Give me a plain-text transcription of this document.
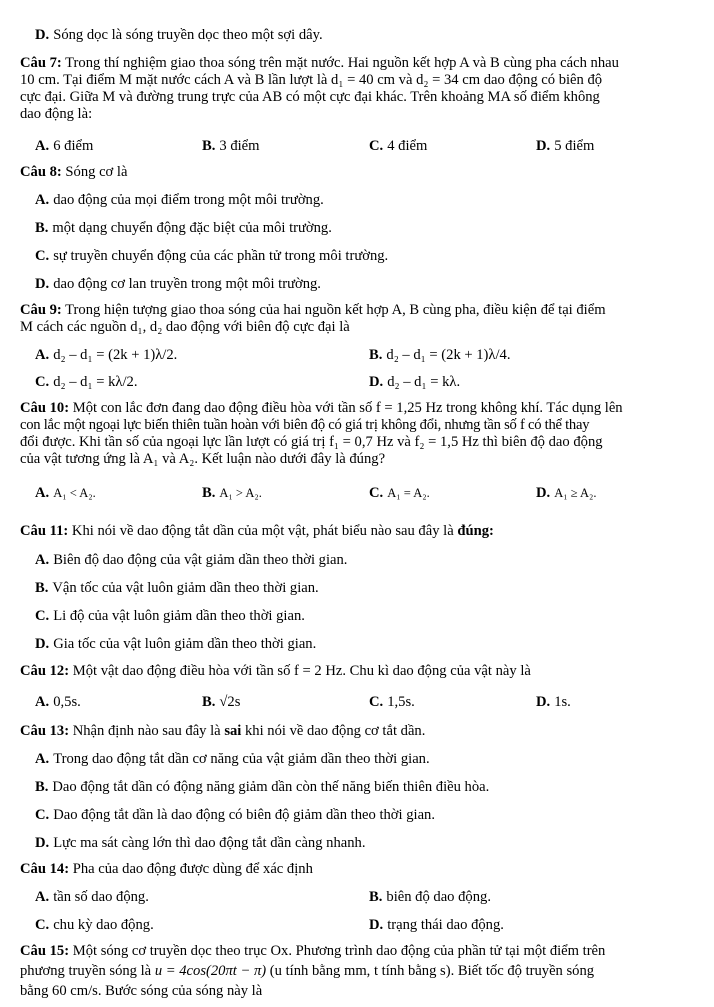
D. Sóng dọc là sóng truyền dọc theo một sợi dây.
Câu 7: Trong thí nghiệm giao thoa sóng trên mặt nước. Hai nguồn kết hợp A và B cùng pha cách nhau
10 cm. Tại điểm M mặt nước cách A và B lần lượt là d₁ = 40 cm và d₂ = 34 cm dao động có biên độ
cực đại. Giữa M và đường trung trực của AB có một cực đại khác. Trên khoảng MA số điểm không
dao động là:
A. 6 điểm	B. 3 điểm	C. 4 điểm	D. 5 điểm
Câu 8: Sóng cơ là
A. dao động của mọi điểm trong một môi trường.
B. một dạng chuyển động đặc biệt của môi trường.
C. sự truyền chuyển động của các phần tử trong môi trường.
D. dao động cơ lan truyền trong một môi trường.
Câu 9: Trong hiện tượng giao thoa sóng của hai nguồn kết hợp A, B cùng pha, điều kiện để tại điểm
M cách các nguồn d₁, d₂ dao động với biên độ cực đại là
A. d₂ – d₁ = (2k + 1)λ/2.	B. d₂ – d₁ = (2k + 1)λ/4.
C. d₂ – d₁ = kλ/2.	D. d₂ – d₁ = kλ.
Câu 10: Một con lắc đơn đang dao động điều hòa với tần số f = 1,25 Hz trong không khí. Tác dụng lên
con lắc một ngoại lực biến thiên tuần hoàn với biên độ có giá trị không đổi, nhưng tần số f có thể thay
đổi được. Khi tần số của ngoại lực lần lượt có giá trị f₁ = 0,7 Hz và f₂ = 1,5 Hz thì biên độ dao động
của vật tương ứng là A₁ và A₂. Kết luận nào dưới đây là đúng?
A. A₁ < A₂.	B. A₁ > A₂.	C. A₁ = A₂.	D. A₁ ≥ A₂.
Câu 11: Khi nói về dao động tắt dần của một vật, phát biểu nào sau đây là đúng:
A. Biên độ dao động của vật giảm dần theo thời gian.
B. Vận tốc của vật luôn giảm dần theo thời gian.
C. Li độ của vật luôn giảm dần theo thời gian.
D. Gia tốc của vật luôn giảm dần theo thời gian.
Câu 12: Một vật dao động điều hòa với tần số f = 2 Hz. Chu kì dao động của vật này là
A. 0,5s.	B. √2s	C. 1,5s.	D. 1s.
Câu 13: Nhận định nào sau đây là sai khi nói về dao động cơ tắt dần.
A. Trong dao động tắt dần cơ năng của vật giảm dần theo thời gian.
B. Dao động tắt dần có động năng giảm dần còn thế năng biến thiên điều hòa.
C. Dao động tắt dần là dao động có biên độ giảm dần theo thời gian.
D. Lực ma sát càng lớn thì dao động tắt dần càng nhanh.
Câu 14: Pha của dao động được dùng để xác định
A. tần số dao động.	B. biên độ dao động.
C. chu kỳ dao động.	D. trạng thái dao động.
Câu 15: Một sóng cơ truyền dọc theo trục Ox. Phương trình dao động của phần tử tại một điểm trên
phương truyền sóng là u = 4cos(20πt − π) (u tính bằng mm, t tính bằng s). Biết tốc độ truyền sóng
bằng 60 cm/s. Bước sóng của sóng này là
